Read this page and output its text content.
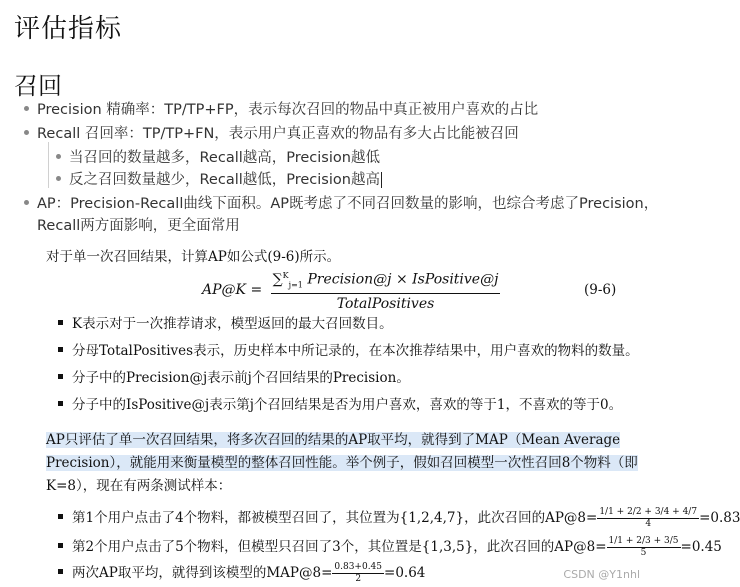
评估指标
召回
Precision 精确率：TP/TP+FP，表示每次召回的物品中真正被用户喜欢的占比
Recall 召回率：TP/TP+FN，表示用户真正喜欢的物品有多大占比能被召回
当召回的数量越多，Recall越高，Precision越低
反之召回数量越少，Recall越低，Precision越高
AP：Precision-Recall曲线下面积。AP既考虑了不同召回数量的影响，也综合考虑了Precision，
Recall两方面影响，更全面常用
对于单一次召回结果，计算AP如公式(9-6)所示。
AP@K = $\frac{\sum^K_{j=1} Precision@j \times IsPositive@j}{\text{TotalPositives}}$	(9-6)
K表示对于一次推荐请求，模型返回的最大召回数目。
分母TotalPositives表示，历史样本中所记录的，在本次推荐结果中，用户喜欢的物料的数量。
分子中的Precision@j表示前j个召回结果的Precision。
分子中的IsPositive@j表示第j个召回结果是否为用户喜欢，喜欢的等于1，不喜欢的等于0。
AP只评估了单一次召回结果，将多次召回的结果的AP取平均，就得到了MAP（Mean Average
Precision），就能用来衡量模型的整体召回性能。举个例子，假如召回模型一次性召回8个物料（即
K=8），现在有两条测试样本：
第1个用户点击了4个物料，都被模型召回了，其位置为{1,2,4,7}，此次召回的AP@8= $\frac{1/1 + 2/2 + 3/4 + 4/7}{4} =0.83$
第2个用户点击了5个物料，但模型只召回了3个，其位置是{1,3,5}，此次召回的AP@8= $\frac{1/1 + 2/3 + 3/5}{5} =0.45$
两次AP取平均，就得到该模型的MAP@8= $\frac{0.83+0.45}{2} =0.64$	CSDN @Y1nhl
